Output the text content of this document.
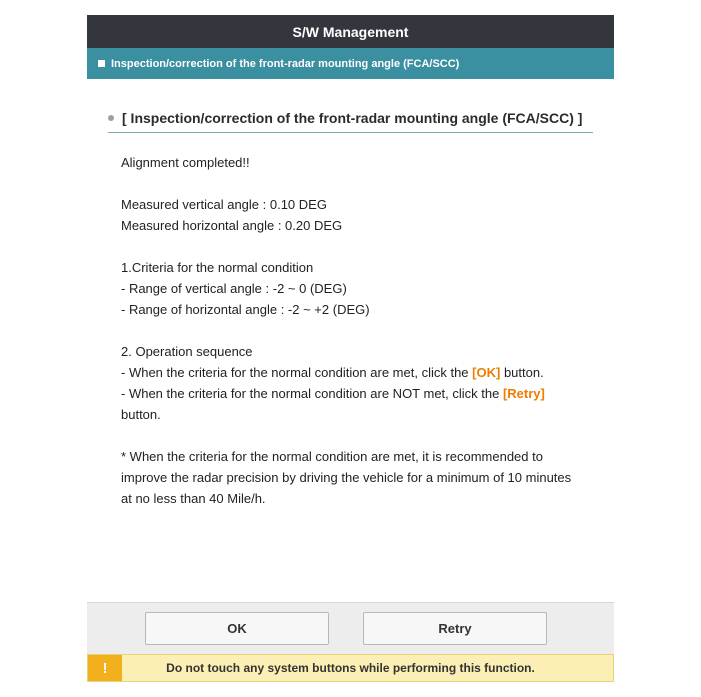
S/W Management
Inspection/correction of the front-radar mounting angle (FCA/SCC)
[ Inspection/correction of the front-radar mounting angle (FCA/SCC) ]

Alignment completed!!

Measured vertical angle : 0.10 DEG

Measured horizontal angle : 0.20 DEG

1.Criteria for the normal condition

- Range of vertical angle : -2 ~ 0 (DEG)

- Range of horizontal angle : -2 ~ +2 (DEG)

2. Operation sequence

- When the criteria for the normal condition are met, click the [OK] button.

- When the criteria for the normal condition are NOT met, click the [Retry] button.

* When the criteria for the normal condition are met, it is recommended to improve the radar precision by driving the vehicle for a minimum of 10 minutes at no less than 40 Mile/h.

OK	Retry
!	Do not touch any system buttons while performing this function.
